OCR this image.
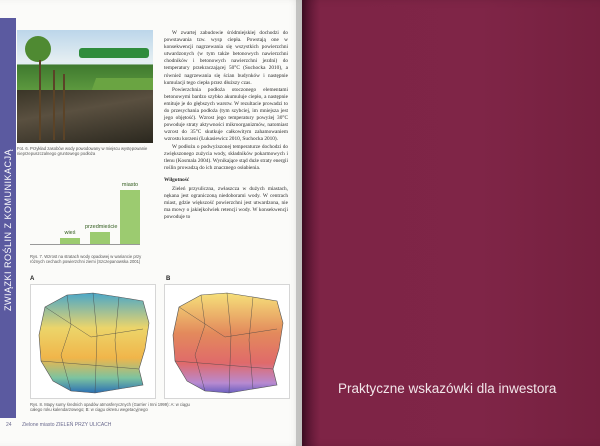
ZWIĄZKI ROŚLIN Z KOMUNIKACJĄ
Fot. 6. Przykład zasobów wody powodowany w miejscu występowanie nieprzepuszczalnego gruntowego podłoża
wieś
przedmieście
miasto
Rys. 7. Wzrost na stratach wody opadowej w wariancie przy różnych cechach powierzchni ziemi (Szczepanowska 2001)
A	B
Rys. 8. Mapy sumy średnich opadów atmosferycznych (Garrier i Inni 1999): A: w ciągu całego roku kalendarzowego; B: w ciągu okresu wegetacyjnego

W zwartej zabudowie śródmiejskiej dochodzi do powstawania tzw. wysp ciepła. Powstają one w konsekwencji nagrzewania się wszystkich powierzchni utwardzonych (w tym także betonowych nawierzchni chodników i betonowych nawierzchni jezdni) do temperatury przekraczającej 50°C (Suchocka 2010), a również nagrzewania się ścian budynków i następnie kumulacji tego ciepła przez dłuższy czas.

Powierzchnia podłoża otoczonego elementami betonowymi bardzo szybko akumuluje ciepło, a następnie emituje je do głębszych warstw. W rezultacie prowadzi to do przesychania podłoża (tym szybciej, im mniejsza jest jego objętość). Wzrost jego temperatury powyżej 30°C powoduje straty aktywności mikroorganizmów, natomiast wzrost do 35°C skutkuje całkowitym zahamowaniem wzrostu korzeni (Łukasiewicz 2010, Suchocka 2010).

W podłożu o podwyższonej temperaturze dochodzi do zwiększonego zużycia wody, składników pokarmowych i tlenu (Kosmala 2004). Wynikające stąd duże straty energii roślin prowadzą do ich znacznego osłabienia.

Wilgotność

Zieleń przyuliczna, zwłaszcza w dużych miastach, nękana jest ograniczoną niedoborami wody. W centrach miast, gdzie większość powierzchni jest utwardzona, nie ma mowy o jakiejkolwiek retencji wody. W konsekwencji powoduje to

24 Zielone miasto ZIELEŃ PRZY ULICACH
Praktyczne wskazówki dla inwestora
